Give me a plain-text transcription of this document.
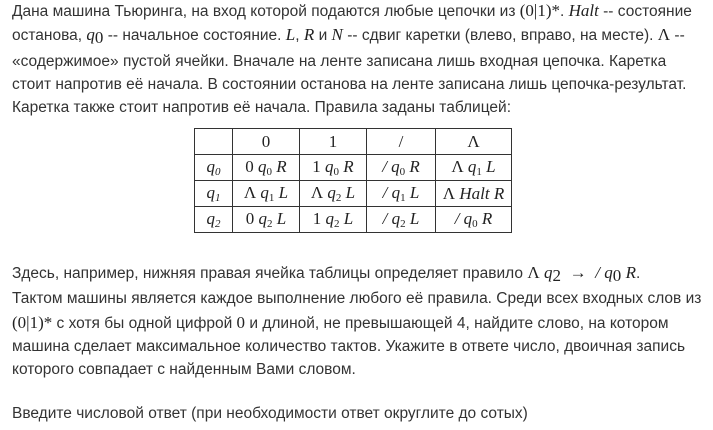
Дана машина Тьюринга, на вход которой подаются любые цепочки из (0|1)*. Halt -- состояние останова, $q_0$ -- начальное состояние. L, R и N -- сдвиг каретки (влево, вправо, на месте). Λ -- «содержимое» пустой ячейки. Вначале на ленте записана лишь входная цепочка. Каретка стоит напротив её начала. В состоянии останова на ленте записана лишь цепочка-результат. Каретка также стоит напротив её начала. Правила заданы таблицей:

	0	1	/	Λ
$q_0$	0 $q_0$ R	1 $q_0$ R	/ $q_0$ R	Λ $q_1$ L
$q_1$	Λ $q_1$ L	Λ $q_2$ L	/ $q_1$ L	Λ Halt R
$q_2$	0 $q_2$ L	1 $q_2$ L	/ $q_2$ L	/ $q_0$ R

Здесь, например, нижняя правая ячейка таблицы определяет правило Λ $q_2$ → / $q_0$ R.
Тактом машины является каждое выполнение любого её правила. Среди всех входных слов из (0|1)* с хотя бы одной цифрой 0 и длиной, не превышающей 4, найдите слово, на котором машина сделает максимальное количество тактов. Укажите в ответе число, двоичная запись которого совпадает с найденным Вами словом.

Введите числовой ответ (при необходимости ответ округлите до сотых)
